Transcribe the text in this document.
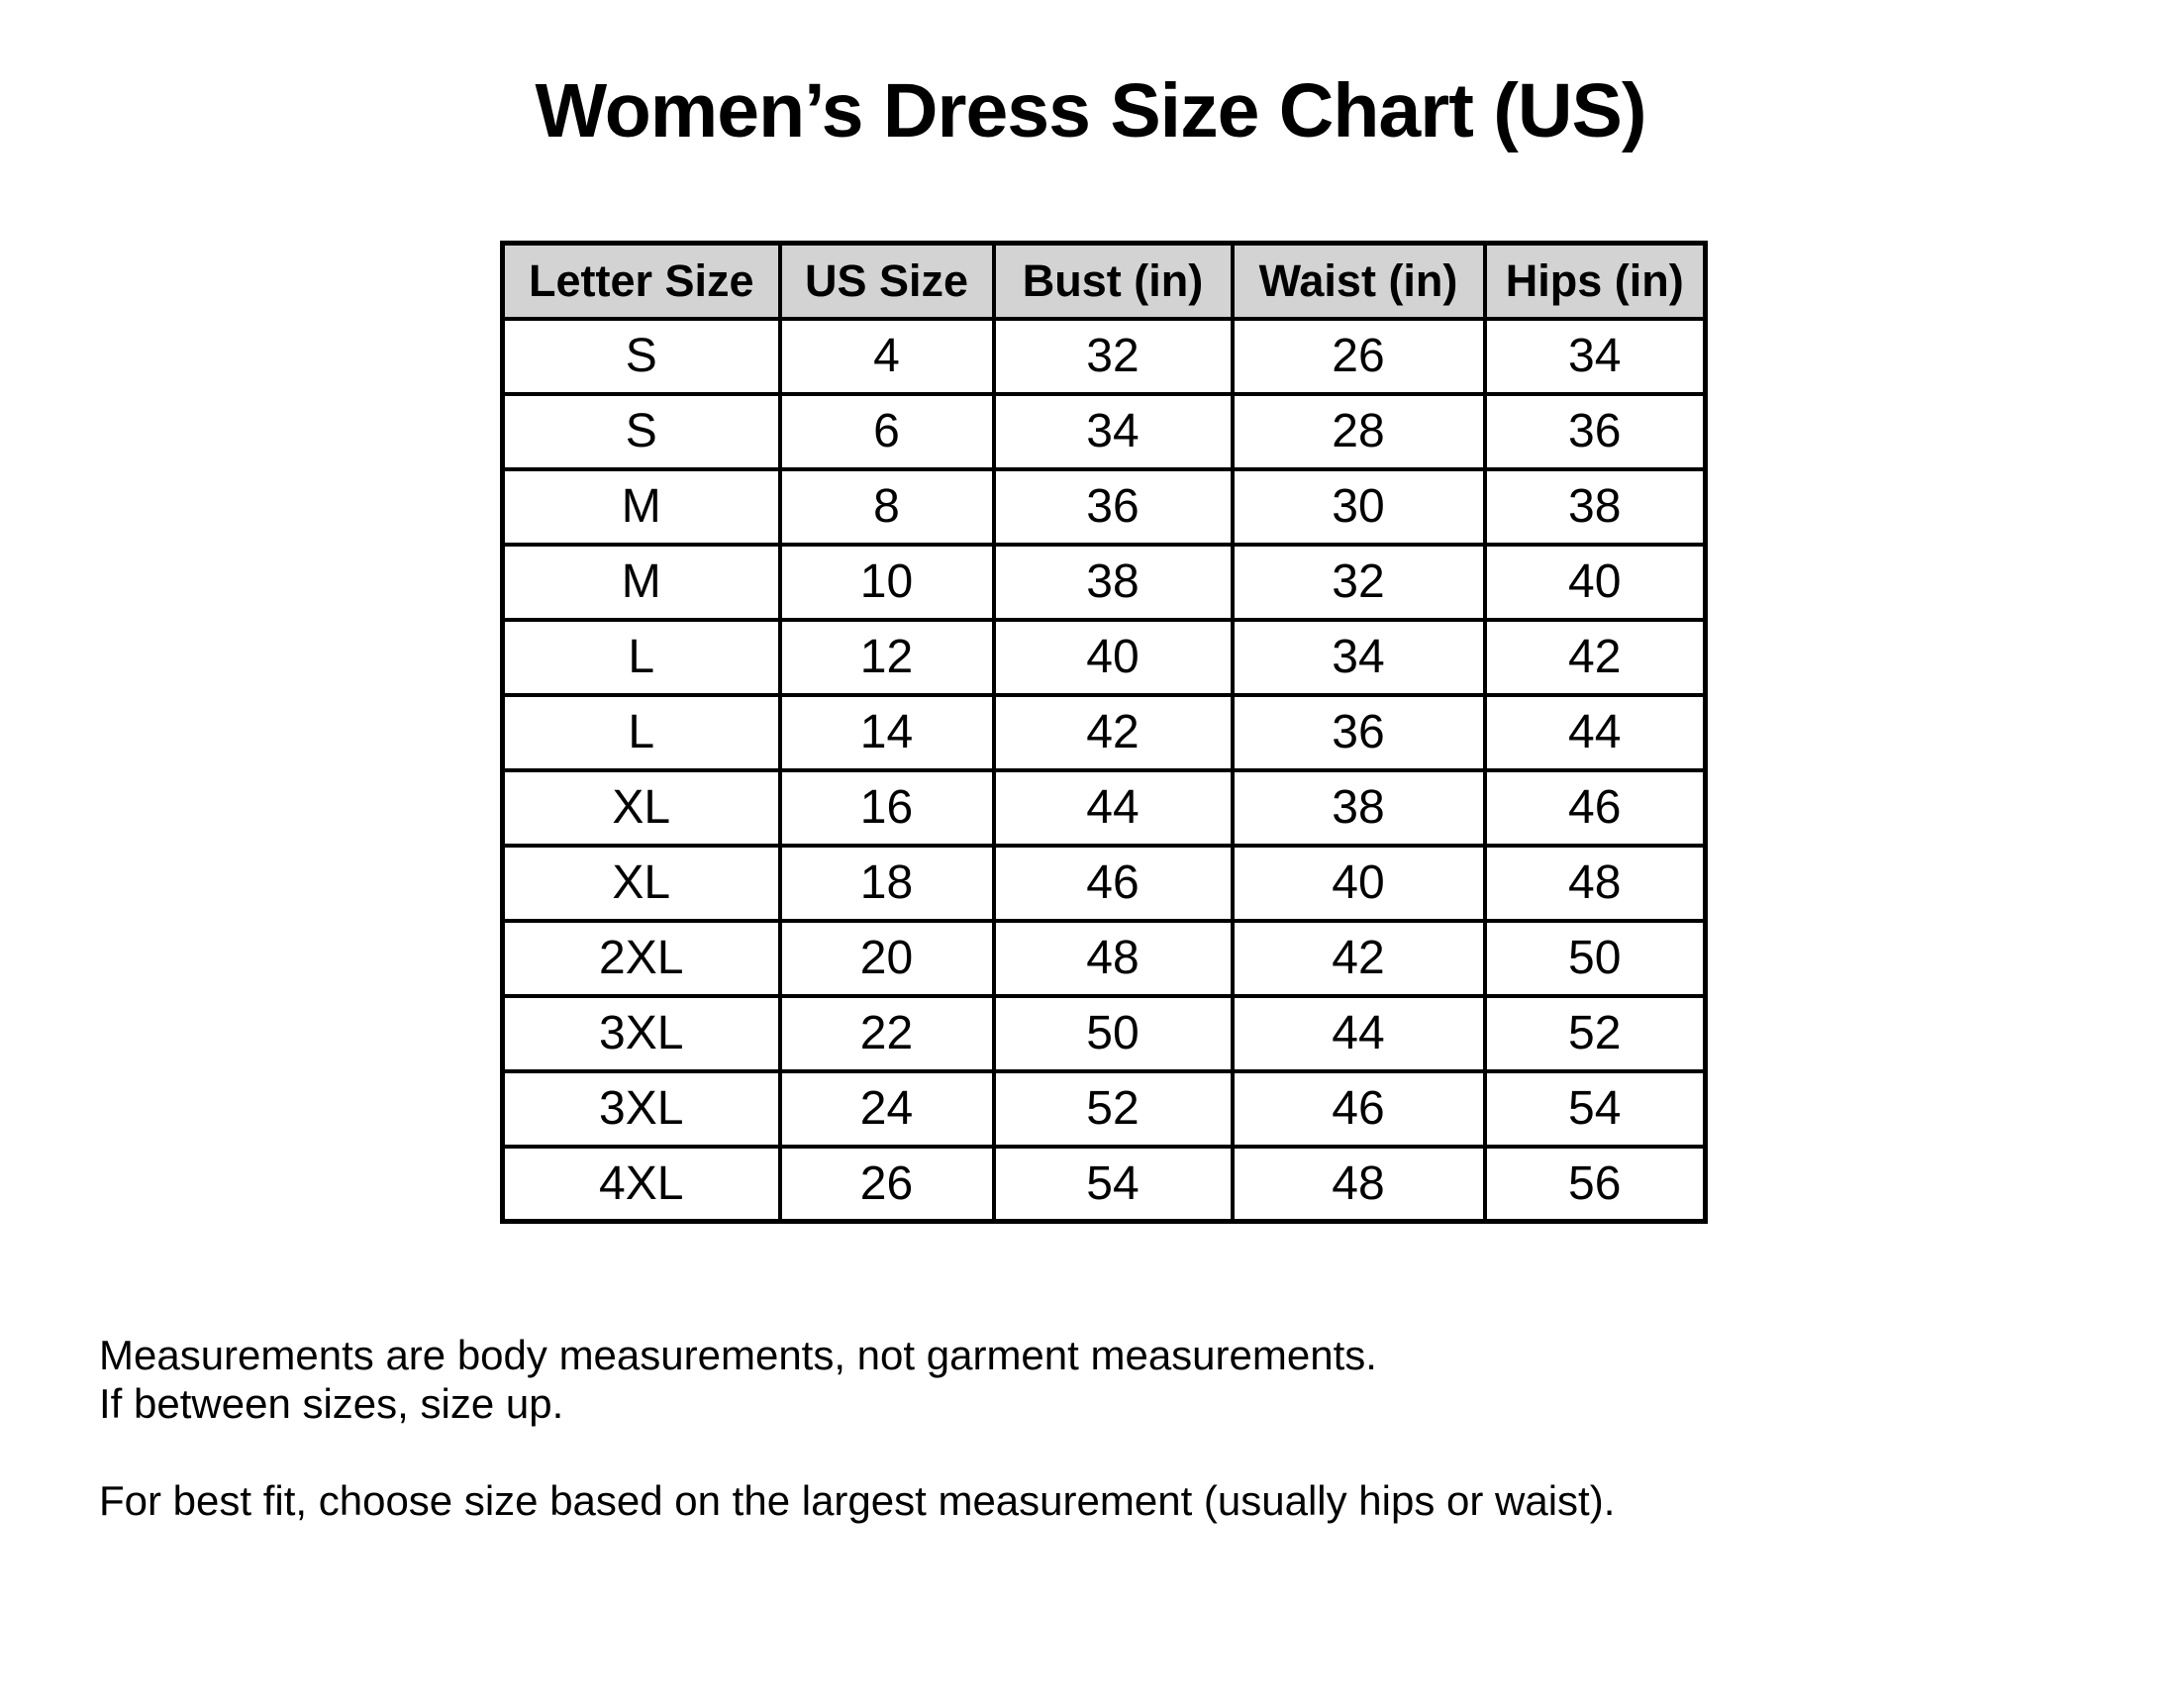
Women’s Dress Size Chart (US)
Letter Size	US Size	Bust (in)	Waist (in)	Hips (in)
S	4	32	26	34
S	6	34	28	36
M	8	36	30	38
M	10	38	32	40
L	12	40	34	42
L	14	42	36	44
XL	16	44	38	46
XL	18	46	40	48
2XL	20	48	42	50
3XL	22	50	44	52
3XL	24	52	46	54
4XL	26	54	48	56
Measurements are body measurements, not garment measurements.
If between sizes, size up.
For best fit, choose size based on the largest measurement (usually hips or waist).
